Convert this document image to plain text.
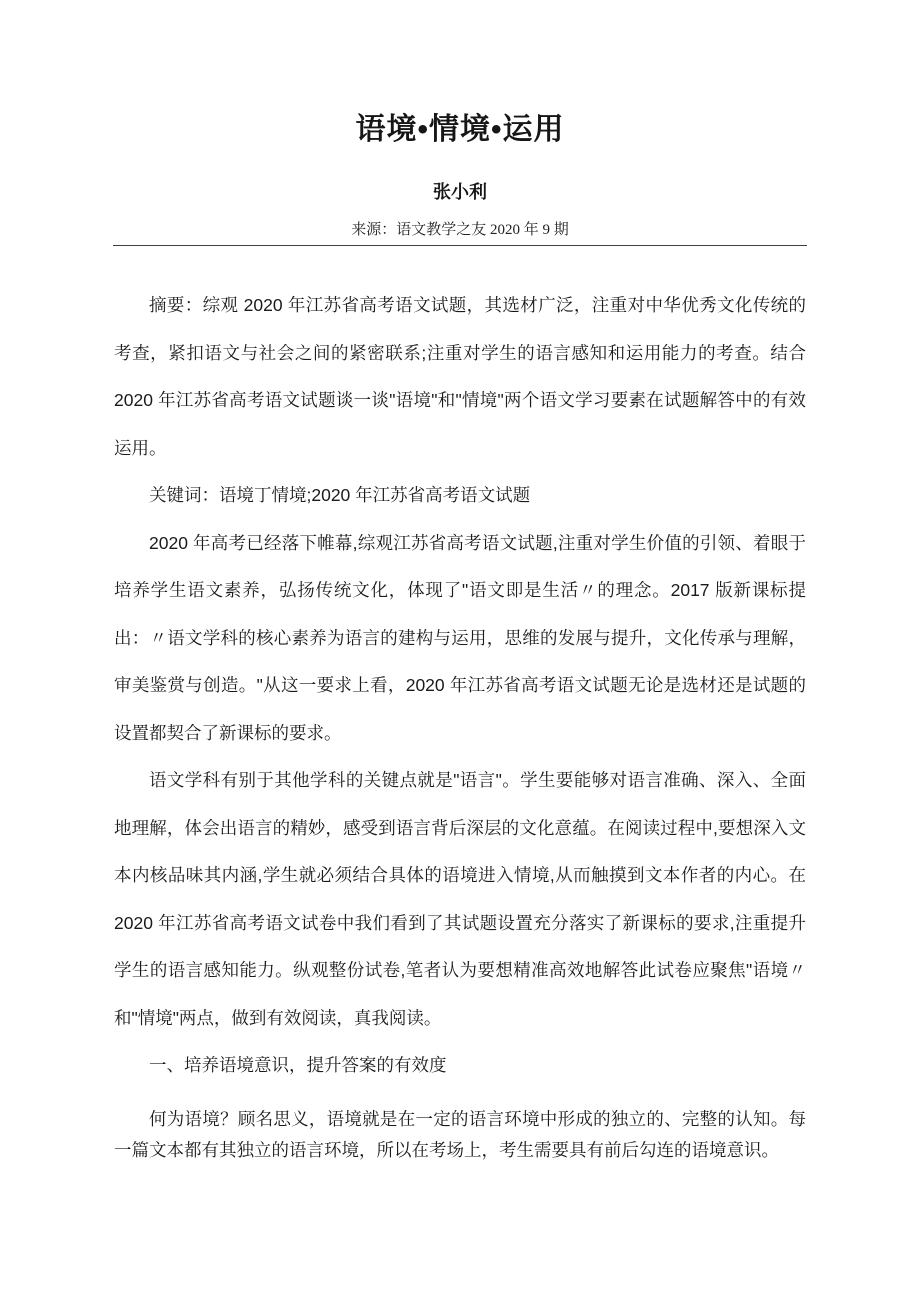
语境•情境•运用
张小利
来源：语文教学之友 2020 年 9 期

摘要：综观 2020 年江苏省高考语文试题，其选材广泛，注重对中华优秀文化传统的考查，紧扣语文与社会之间的紧密联系;注重对学生的语言感知和运用能力的考查。结合 2020 年江苏省高考语文试题谈一谈"语境"和"情境"两个语文学习要素在试题解答中的有效运用。

关键词：语境丁情境;2020 年江苏省高考语文试题

2020 年高考已经落下帷幕,综观江苏省高考语文试题,注重对学生价值的引领、着眼于培养学生语文素养，弘扬传统文化，体现了"语文即是生活〃的理念。2017 版新课标提出：〃语文学科的核心素养为语言的建构与运用，思维的发展与提升，文化传承与理解，审美鉴赏与创造。"从这一要求上看，2020 年江苏省高考语文试题无论是选材还是试题的设置都契合了新课标的要求。

语文学科有别于其他学科的关键点就是"语言"。学生要能够对语言准确、深入、全面地理解，体会出语言的精妙，感受到语言背后深层的文化意蕴。在阅读过程中,要想深入文本内核品味其内涵,学生就必须结合具体的语境进入情境,从而触摸到文本作者的内心。在 2020 年江苏省高考语文试卷中我们看到了其试题设置充分落实了新课标的要求,注重提升学生的语言感知能力。纵观整份试卷,笔者认为要想精准高效地解答此试卷应聚焦"语境〃和"情境"两点，做到有效阅读，真我阅读。

一、培养语境意识，提升答案的有效度

何为语境？顾名思义，语境就是在一定的语言环境中形成的独立的、完整的认知。每一篇文本都有其独立的语言环境，所以在考场上，考生需要具有前后勾连的语境意识。
